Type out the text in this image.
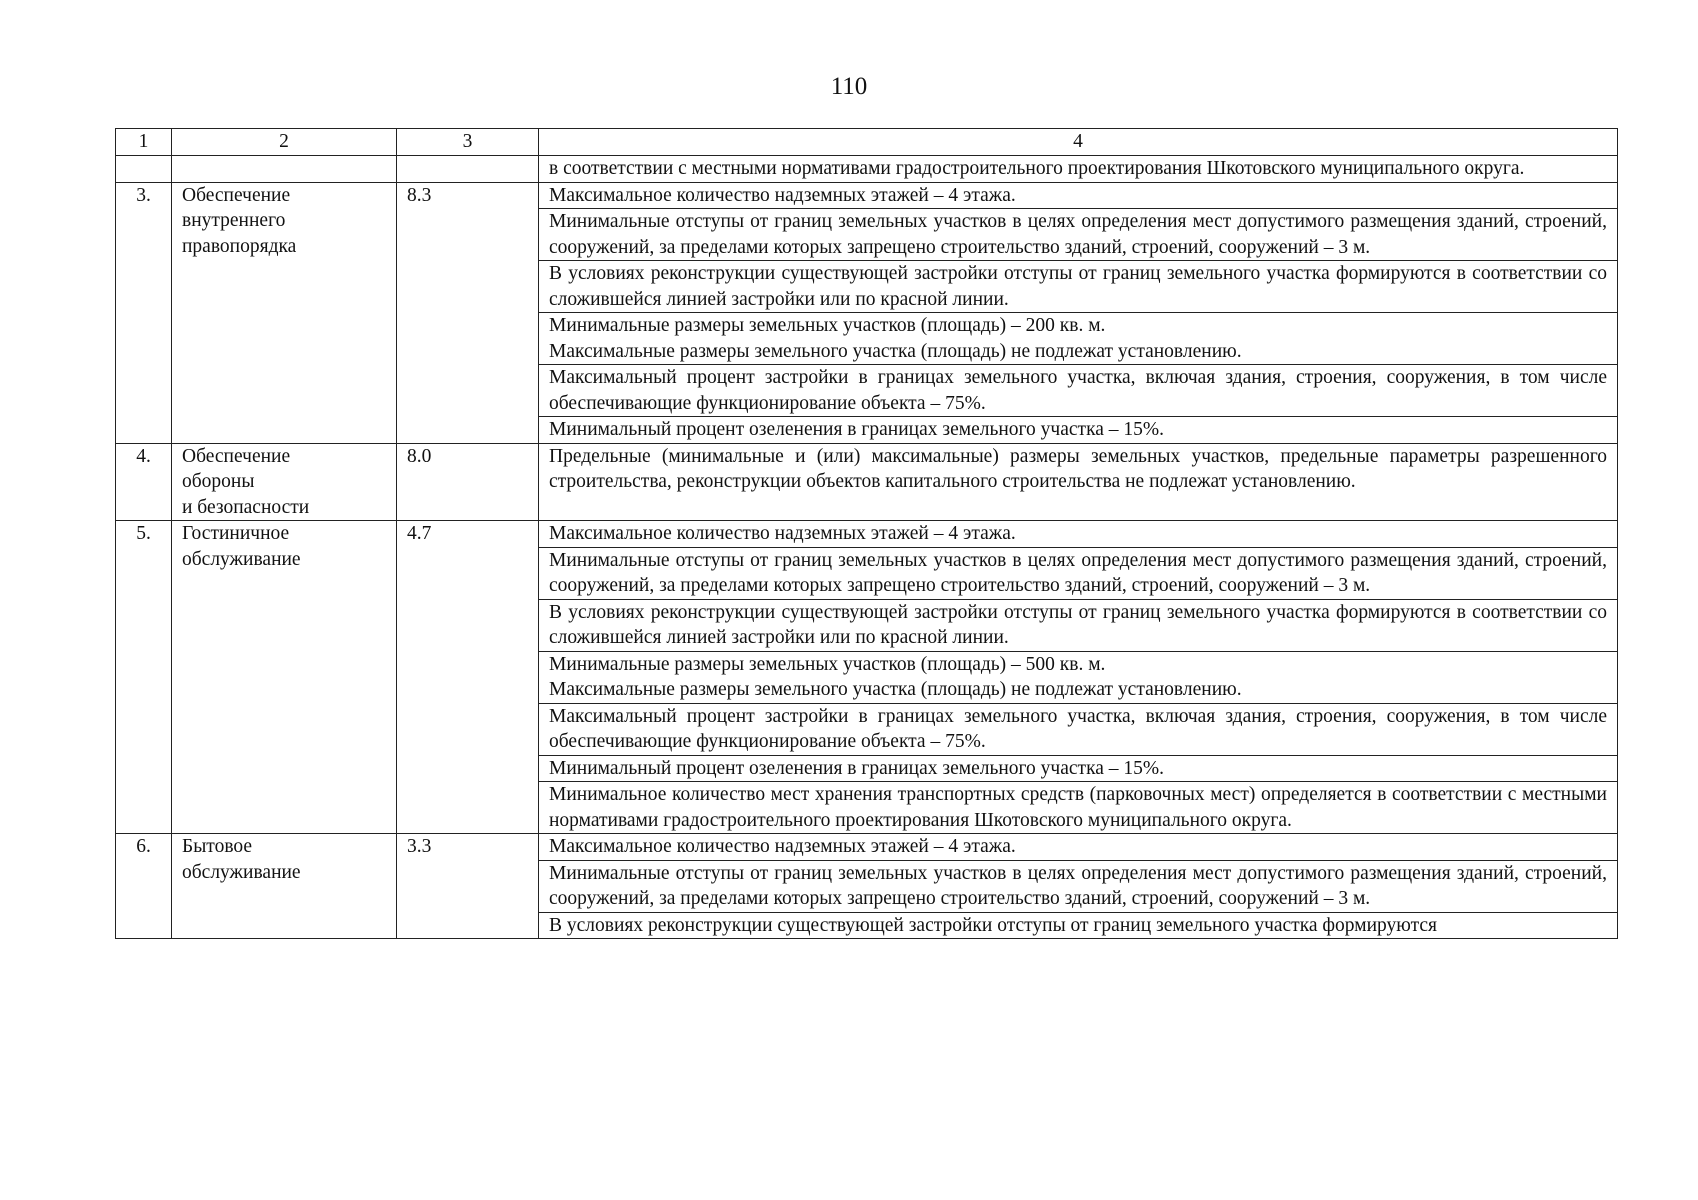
110
1	2	3	4
			в соответствии с местными нормативами градостроительного проектирования Шкотовского муниципального округа.
3.	Обеспечение
внутреннего
правопорядка	8.3	Максимальное количество надземных этажей – 4 этажа.
			Минимальные отступы от границ земельных участков в целях определения мест допустимого размещения зданий, строений, сооружений, за пределами которых запрещено строительство зданий, строений, сооружений – 3 м.
			В условиях реконструкции существующей застройки отступы от границ земельного участка формируются в соответствии со сложившейся линией застройки или по красной линии.
			Минимальные размеры земельных участков (площадь) – 200 кв. м.
Максимальные размеры земельного участка (площадь) не подлежат установлению.
			Максимальный процент застройки в границах земельного участка, включая здания, строения, сооружения, в том числе обеспечивающие функционирование объекта – 75%.
			Минимальный процент озеленения в границах земельного участка – 15%.
4.	Обеспечение
обороны
и безопасности	8.0	Предельные (минимальные и (или) максимальные) размеры земельных участков, предельные параметры разрешенного строительства, реконструкции объектов капитального строительства не подлежат установлению.
5.	Гостиничное
обслуживание	4.7	Максимальное количество надземных этажей – 4 этажа.
			Минимальные отступы от границ земельных участков в целях определения мест допустимого размещения зданий, строений, сооружений, за пределами которых запрещено строительство зданий, строений, сооружений – 3 м.
			В условиях реконструкции существующей застройки отступы от границ земельного участка формируются в соответствии со сложившейся линией застройки или по красной линии.
			Минимальные размеры земельных участков (площадь) – 500 кв. м.
Максимальные размеры земельного участка (площадь) не подлежат установлению.
			Максимальный процент застройки в границах земельного участка, включая здания, строения, сооружения, в том числе обеспечивающие функционирование объекта – 75%.
			Минимальный процент озеленения в границах земельного участка – 15%.
			Минимальное количество мест хранения транспортных средств (парковочных мест) определяется в соответствии с местными нормативами градостроительного проектирования Шкотовского муниципального округа.
6.	Бытовое
обслуживание	3.3	Максимальное количество надземных этажей – 4 этажа.
			Минимальные отступы от границ земельных участков в целях определения мест допустимого размещения зданий, строений, сооружений, за пределами которых запрещено строительство зданий, строений, сооружений – 3 м.
			В условиях реконструкции существующей застройки отступы от границ земельного участка формируются
